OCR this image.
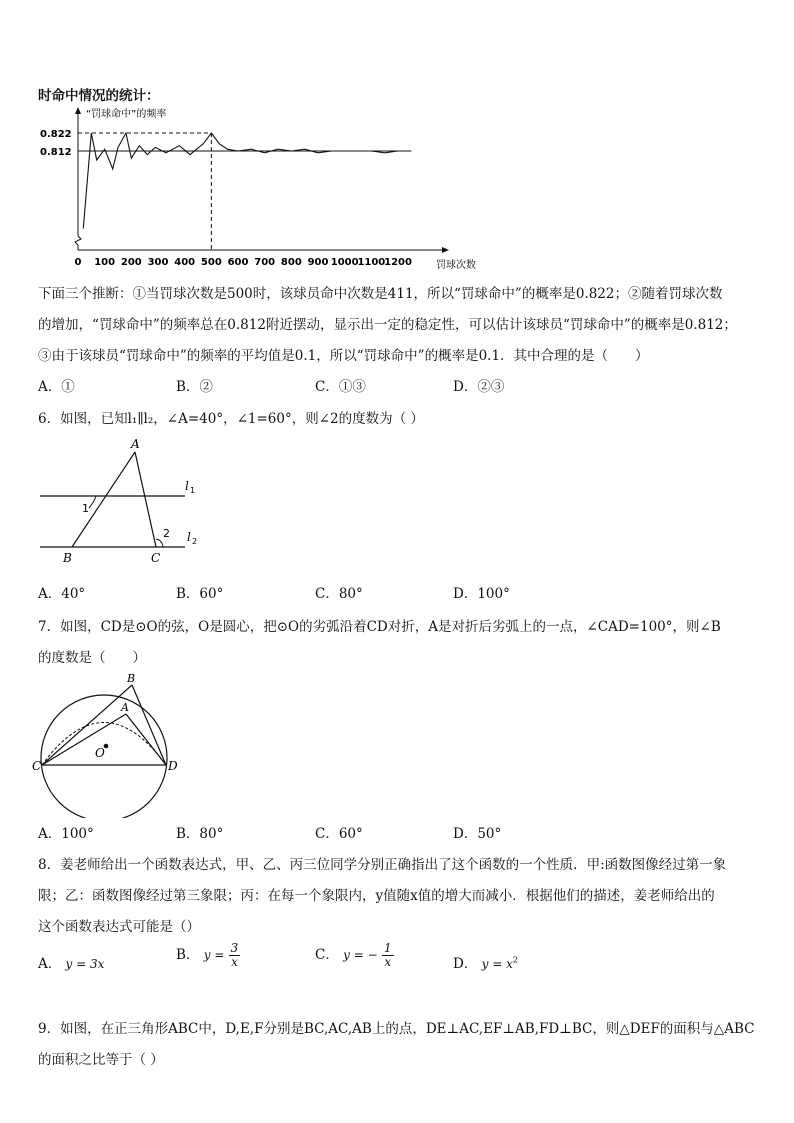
时命中情况的统计：
0.822
0.812
0 100 200 300 400 500 600 700 800 900 1000
1100
1200
“罚球命中”的频率
罚球次数
下面三个推断：①当罚球次数是500时，该球员命中次数是411，所以“罚球命中”的概率是0.822；②随着罚球次数
的增加，“罚球命中”的频率总在0.812附近摆动，显示出一定的稳定性，可以估计该球员“罚球命中”的概率是0.812；
③由于该球员“罚球命中”的频率的平均值是0.1，所以“罚球命中”的概率是0.1．其中合理的是（　　）
A．①	B．②	C．①③	D．②③
6．如图，已知l₁∥l₂，∠A=40°，∠1=60°，则∠2的度数为（ ）
A
B	C
1
2
l 1
l 2
A．40°	B．60°	C．80°	D．100°
7．如图，CD是⊙O的弦，O是圆心，把⊙O的劣弧沿着CD对折，A是对折后劣弧上的一点，∠CAD=100°，则∠B
的度数是（　　）
O
A
B
C	D
A．100°	B．80°	C．60°	D．50°
8．姜老师给出一个函数表达式，甲、乙、丙三位同学分别正确指出了这个函数的一个性质．甲:函数图像经过第一象
限；乙：函数图像经过第三象限；丙：在每一个象限内，y值随x值的增大而减小．根据他们的描述，姜老师给出的
这个函数表达式可能是（）
A． y = 3x
B． $y = \frac{3}{x}$	C． y = − $\frac{1}{x}$	D． $y = x^2$
9．如图，在正三角形ABC中，D,E,F分别是BC,AC,AB上的点，DE⊥AC,EF⊥AB,FD⊥BC，则△DEF的面积与△ABC
的面积之比等于（ ）
